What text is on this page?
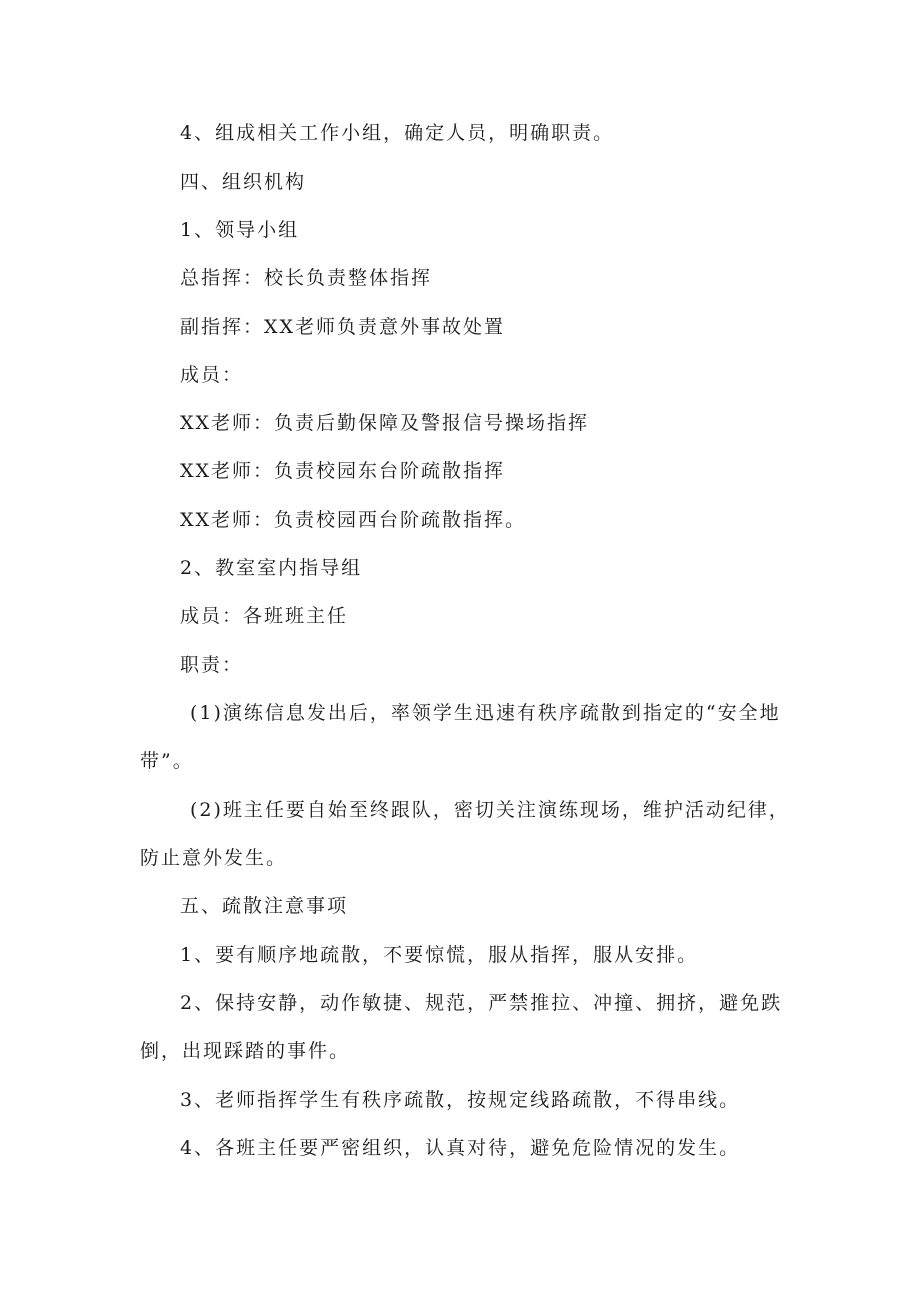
4、组成相关工作小组，确定人员，明确职责。
四、组织机构
1、领导小组
总指挥：校长负责整体指挥
副指挥：XX老师负责意外事故处置
成员：
XX老师：负责后勤保障及警报信号操场指挥
XX老师：负责校园东台阶疏散指挥
XX老师：负责校园西台阶疏散指挥。
2、教室室内指导组
成员：各班班主任
职责：
(1)演练信息发出后，率领学生迅速有秩序疏散到指定的“安全地
带”。
(2)班主任要自始至终跟队，密切关注演练现场，维护活动纪律，
防止意外发生。
五、疏散注意事项
1、要有顺序地疏散，不要惊慌，服从指挥，服从安排。
2、保持安静，动作敏捷、规范，严禁推拉、冲撞、拥挤，避免跌
倒，出现踩踏的事件。
3、老师指挥学生有秩序疏散，按规定线路疏散，不得串线。
4、各班主任要严密组织，认真对待，避免危险情况的发生。
